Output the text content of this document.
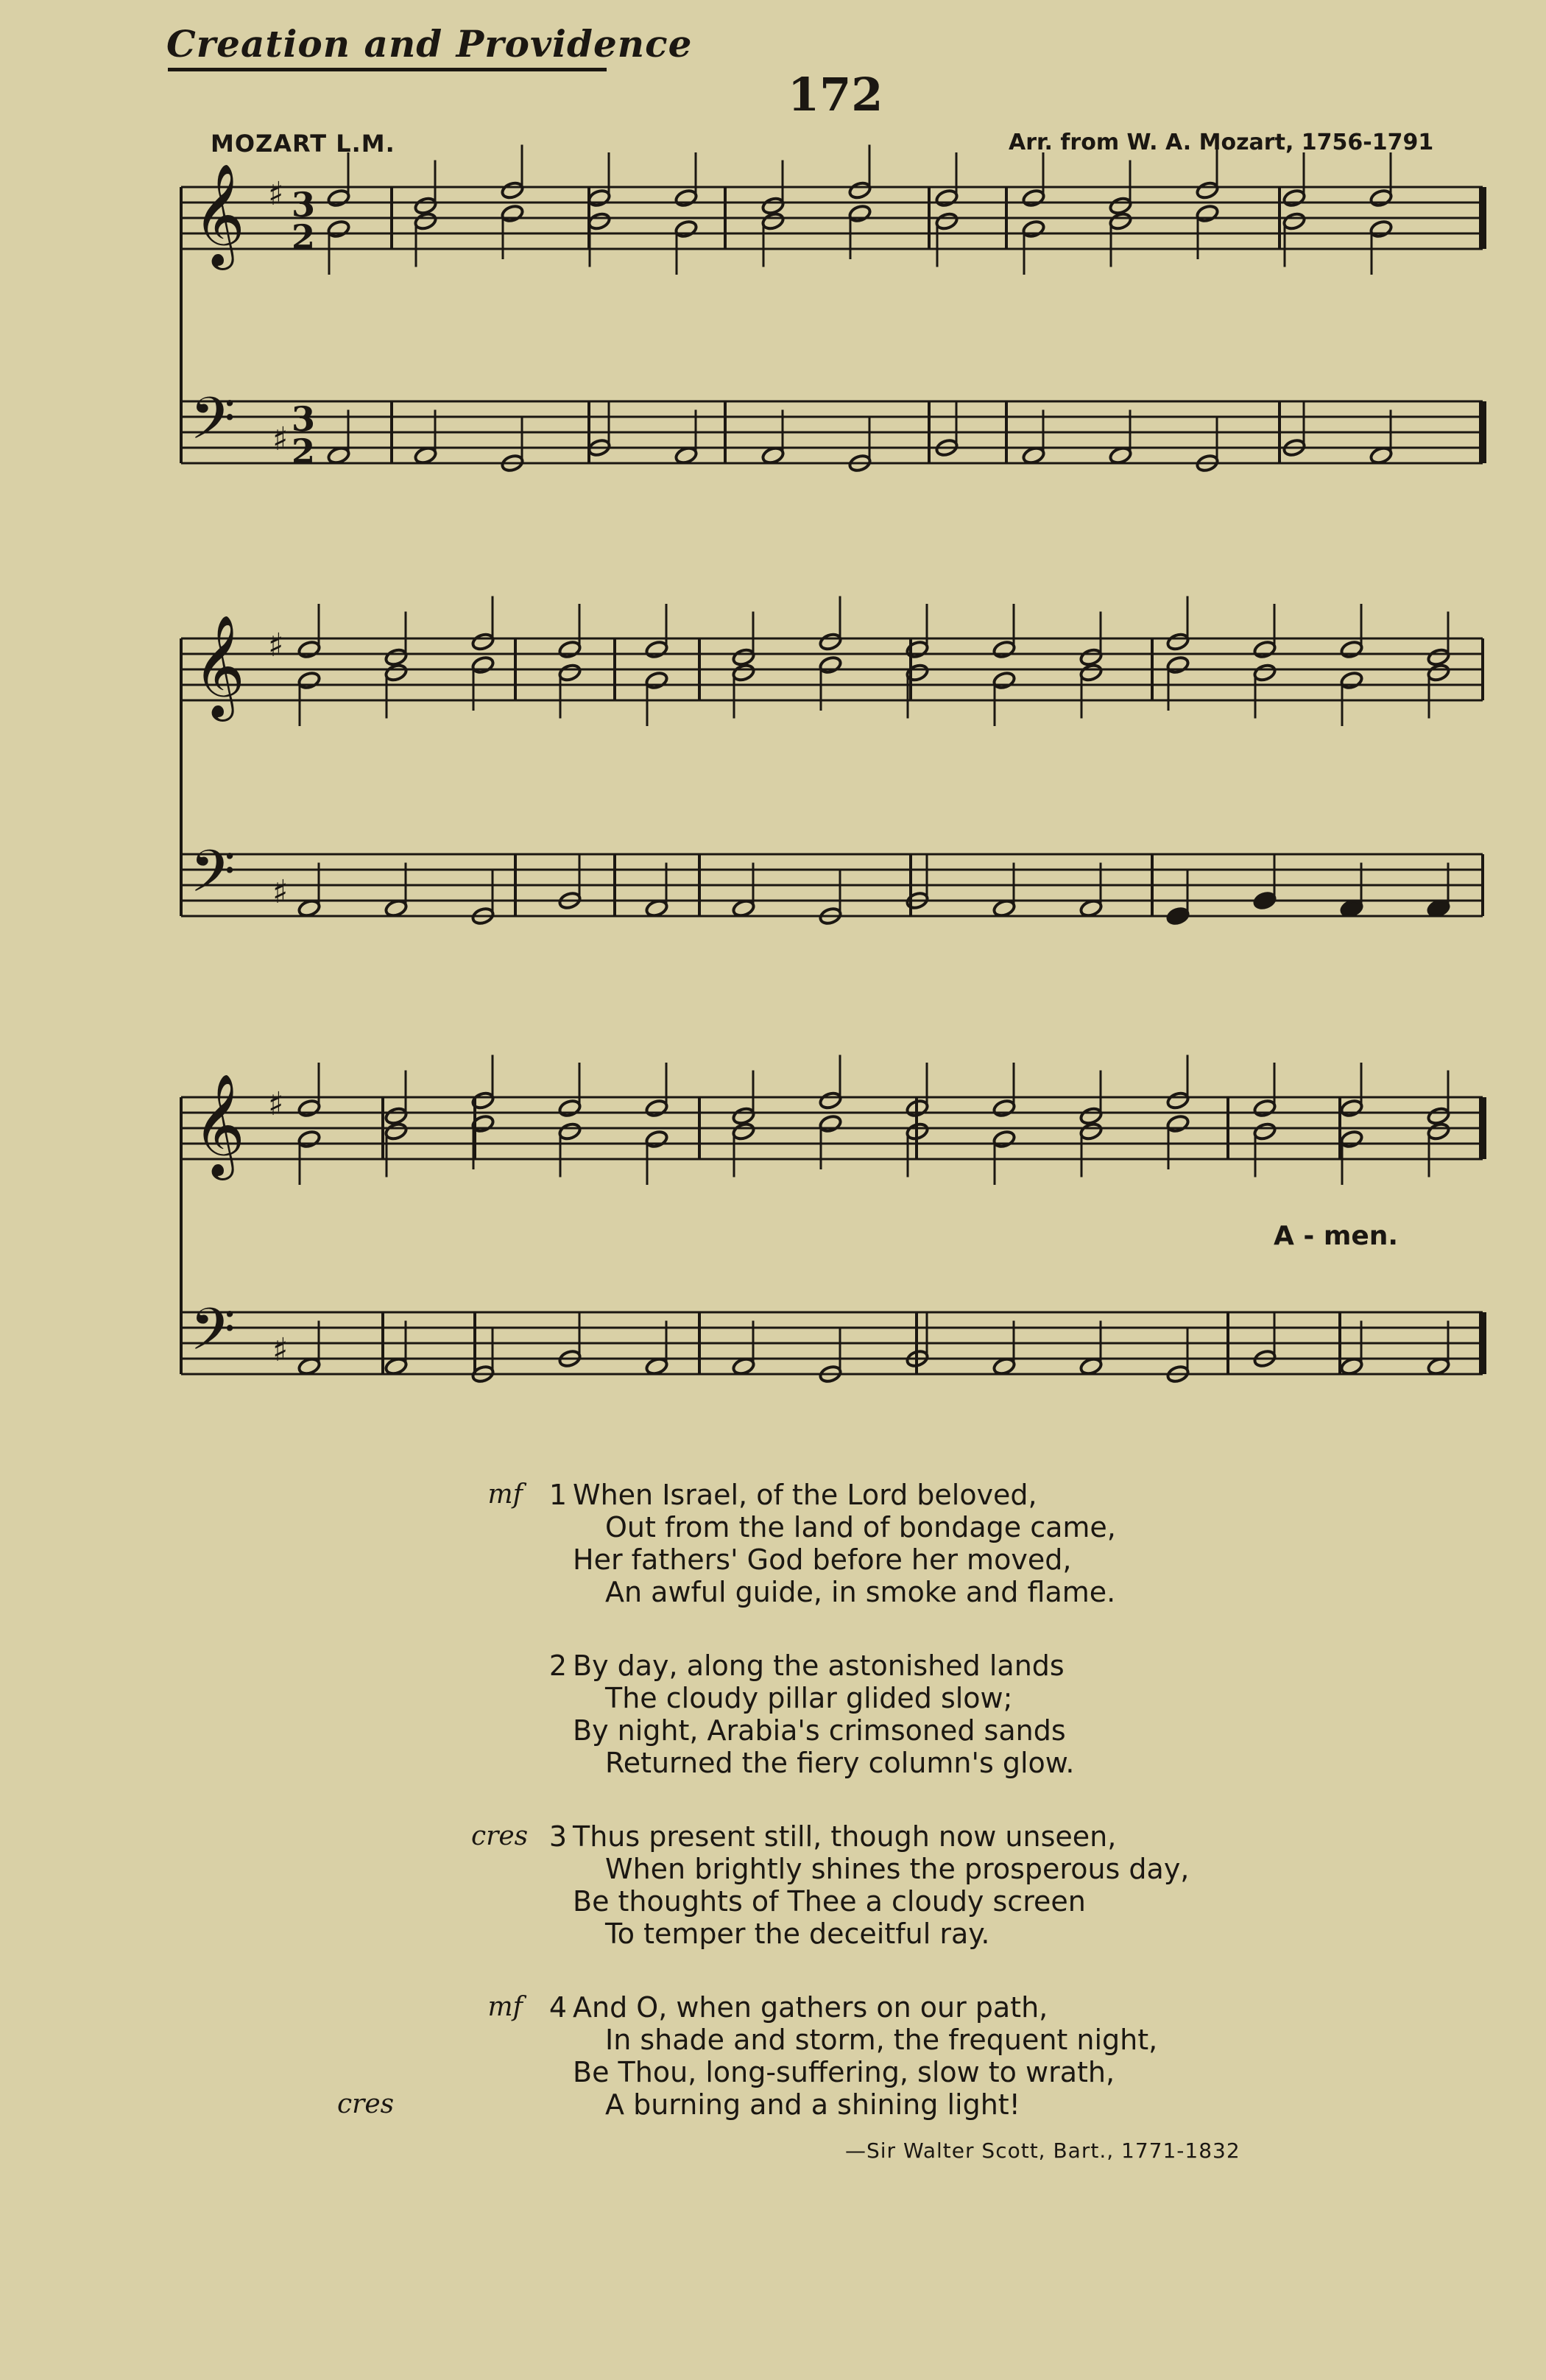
Creation and Providence
172
MOZART L.M.	Arr. from W. A. Mozart, 1756-1791
𝄞
𝄢
♯
♯
3
2
3
2
𝄞
𝄢
♯
♯
𝄞
𝄢
♯
♯
A - men.
mf 1 When Israel, of the Lord beloved,
Out from the land of bondage came,
Her fathers' God before her moved,
An awful guide, in smoke and flame.
2 By day, along the astonished lands
The cloudy pillar glided slow;
By night, Arabia's crimsoned sands
Returned the fiery column's glow.
cres 3 Thus present still, though now unseen,
When brightly shines the prosperous day,
Be thoughts of Thee a cloudy screen
To temper the deceitful ray.
mf 4 And O, when gathers on our path,
In shade and storm, the frequent night,
Be Thou, long-suffering, slow to wrath,
cres	A burning and a shining light!
—Sir Walter Scott, Bart., 1771-1832
